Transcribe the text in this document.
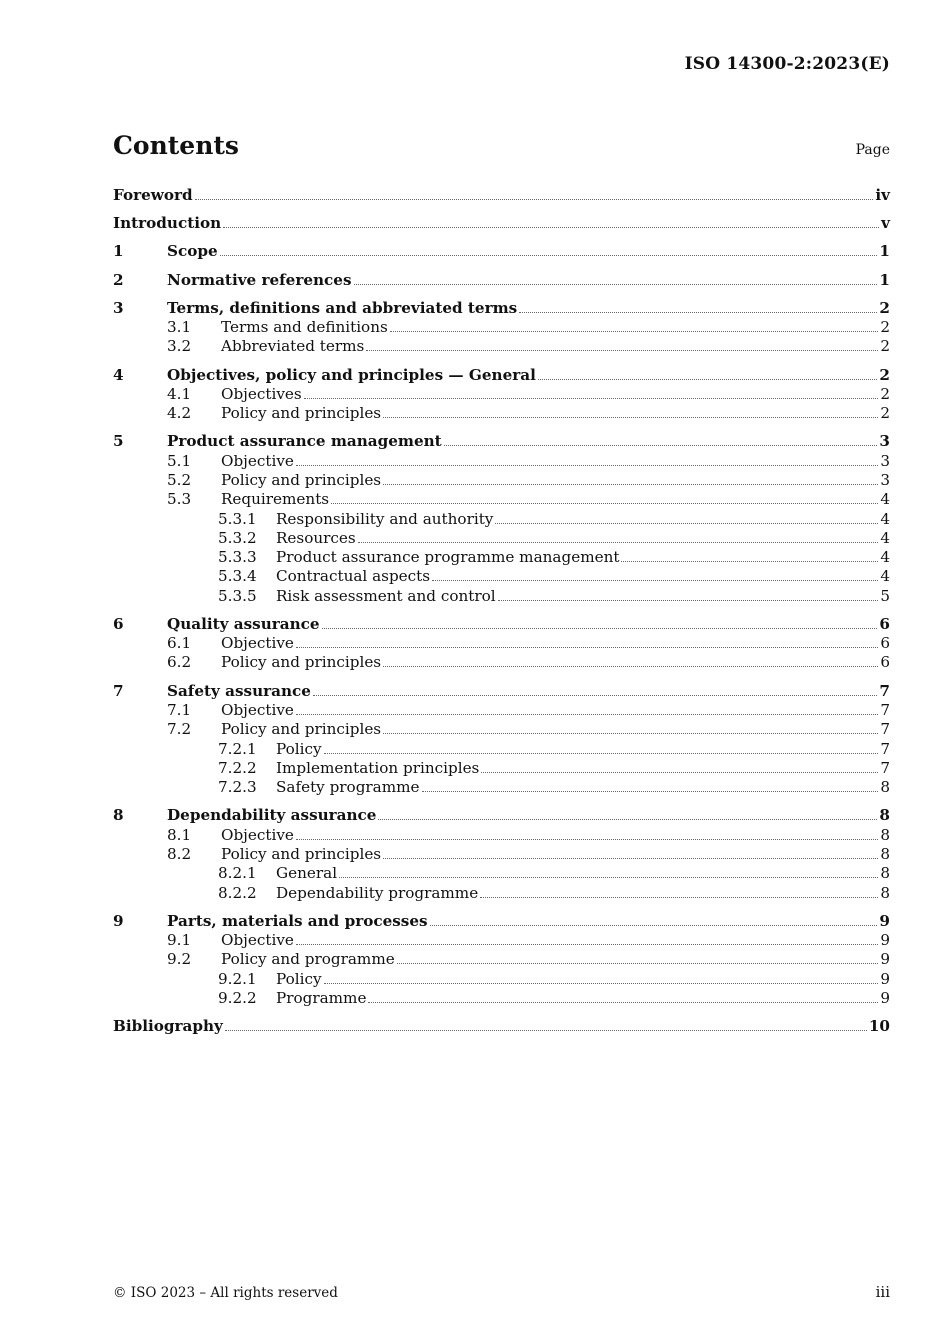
ISO 14300-2:2023(E)
Contents	Page
Foreword	iv
Introduction	v
1	Scope	1
2	Normative references	1
3	Terms, definitions and abbreviated terms	2
3.1	Terms and definitions	2
3.2	Abbreviated terms	2
4	Objectives, policy and principles — General	2
4.1	Objectives	2
4.2	Policy and principles	2
5	Product assurance management	3
5.1	Objective	3
5.2	Policy and principles	3
5.3	Requirements	4
5.3.1	Responsibility and authority	4
5.3.2	Resources	4
5.3.3	Product assurance programme management	4
5.3.4	Contractual aspects	4
5.3.5	Risk assessment and control	5
6	Quality assurance	6
6.1	Objective	6
6.2	Policy and principles	6
7	Safety assurance	7
7.1	Objective	7
7.2	Policy and principles	7
7.2.1	Policy	7
7.2.2	Implementation principles	7
7.2.3	Safety programme	8
8	Dependability assurance	8
8.1	Objective	8
8.2	Policy and principles	8
8.2.1	General	8
8.2.2	Dependability programme	8
9	Parts, materials and processes	9
9.1	Objective	9
9.2	Policy and programme	9
9.2.1	Policy	9
9.2.2	Programme	9
Bibliography	10
© ISO 2023 – All rights reserved	iii
